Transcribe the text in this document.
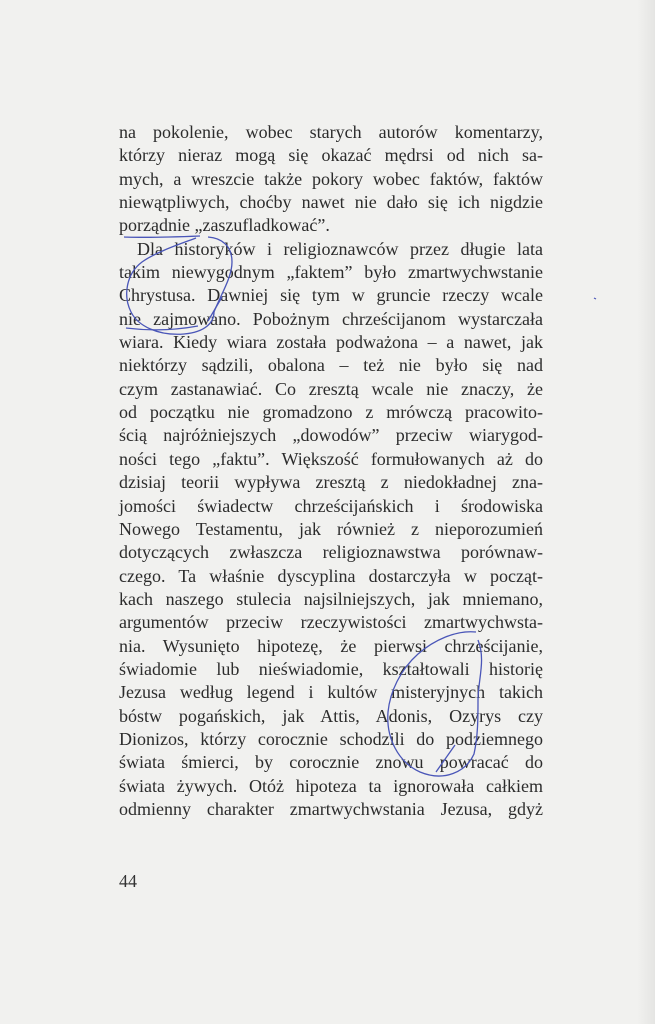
na pokolenie, wobec starych autorów komentarzy,
którzy nieraz mogą się okazać mędrsi od nich sa-
mych, a wreszcie także pokory wobec faktów, faktów
niewątpliwych, choćby nawet nie dało się ich nigdzie
porządnie „zaszufladkować”.
Dla historyków i religioznawców przez długie lata
takim niewygodnym „faktem” było zmartwychwstanie
Chrystusa. Dawniej się tym w gruncie rzeczy wcale
nie zajmowano. Pobożnym chrześcijanom wystarczała
wiara. Kiedy wiara została podważona – a nawet, jak
niektórzy sądzili, obalona – też nie było się nad
czym zastanawiać. Co zresztą wcale nie znaczy, że
od początku nie gromadzono z mrówczą pracowito-
ścią najróżniejszych „dowodów” przeciw wiarygod-
ności tego „faktu”. Większość formułowanych aż do
dzisiaj teorii wypływa zresztą z niedokładnej zna-
jomości świadectw chrześcijańskich i środowiska
Nowego Testamentu, jak również z nieporozumień
dotyczących zwłaszcza religioznawstwa porównaw-
czego. Ta właśnie dyscyplina dostarczyła w począt-
kach naszego stulecia najsilniejszych, jak mniemano,
argumentów przeciw rzeczywistości zmartwychwsta-
nia. Wysunięto hipotezę, że pierwsi chrześcijanie,
świadomie lub nieświadomie, kształtowali historię
Jezusa według legend i kultów misteryjnych takich
bóstw pogańskich, jak Attis, Adonis, Ozyrys czy
Dionizos, którzy corocznie schodzili do podziemnego
świata śmierci, by corocznie znowu powracać do
świata żywych. Otóż hipoteza ta ignorowała całkiem
odmienny charakter zmartwychwstania Jezusa, gdyż
44
